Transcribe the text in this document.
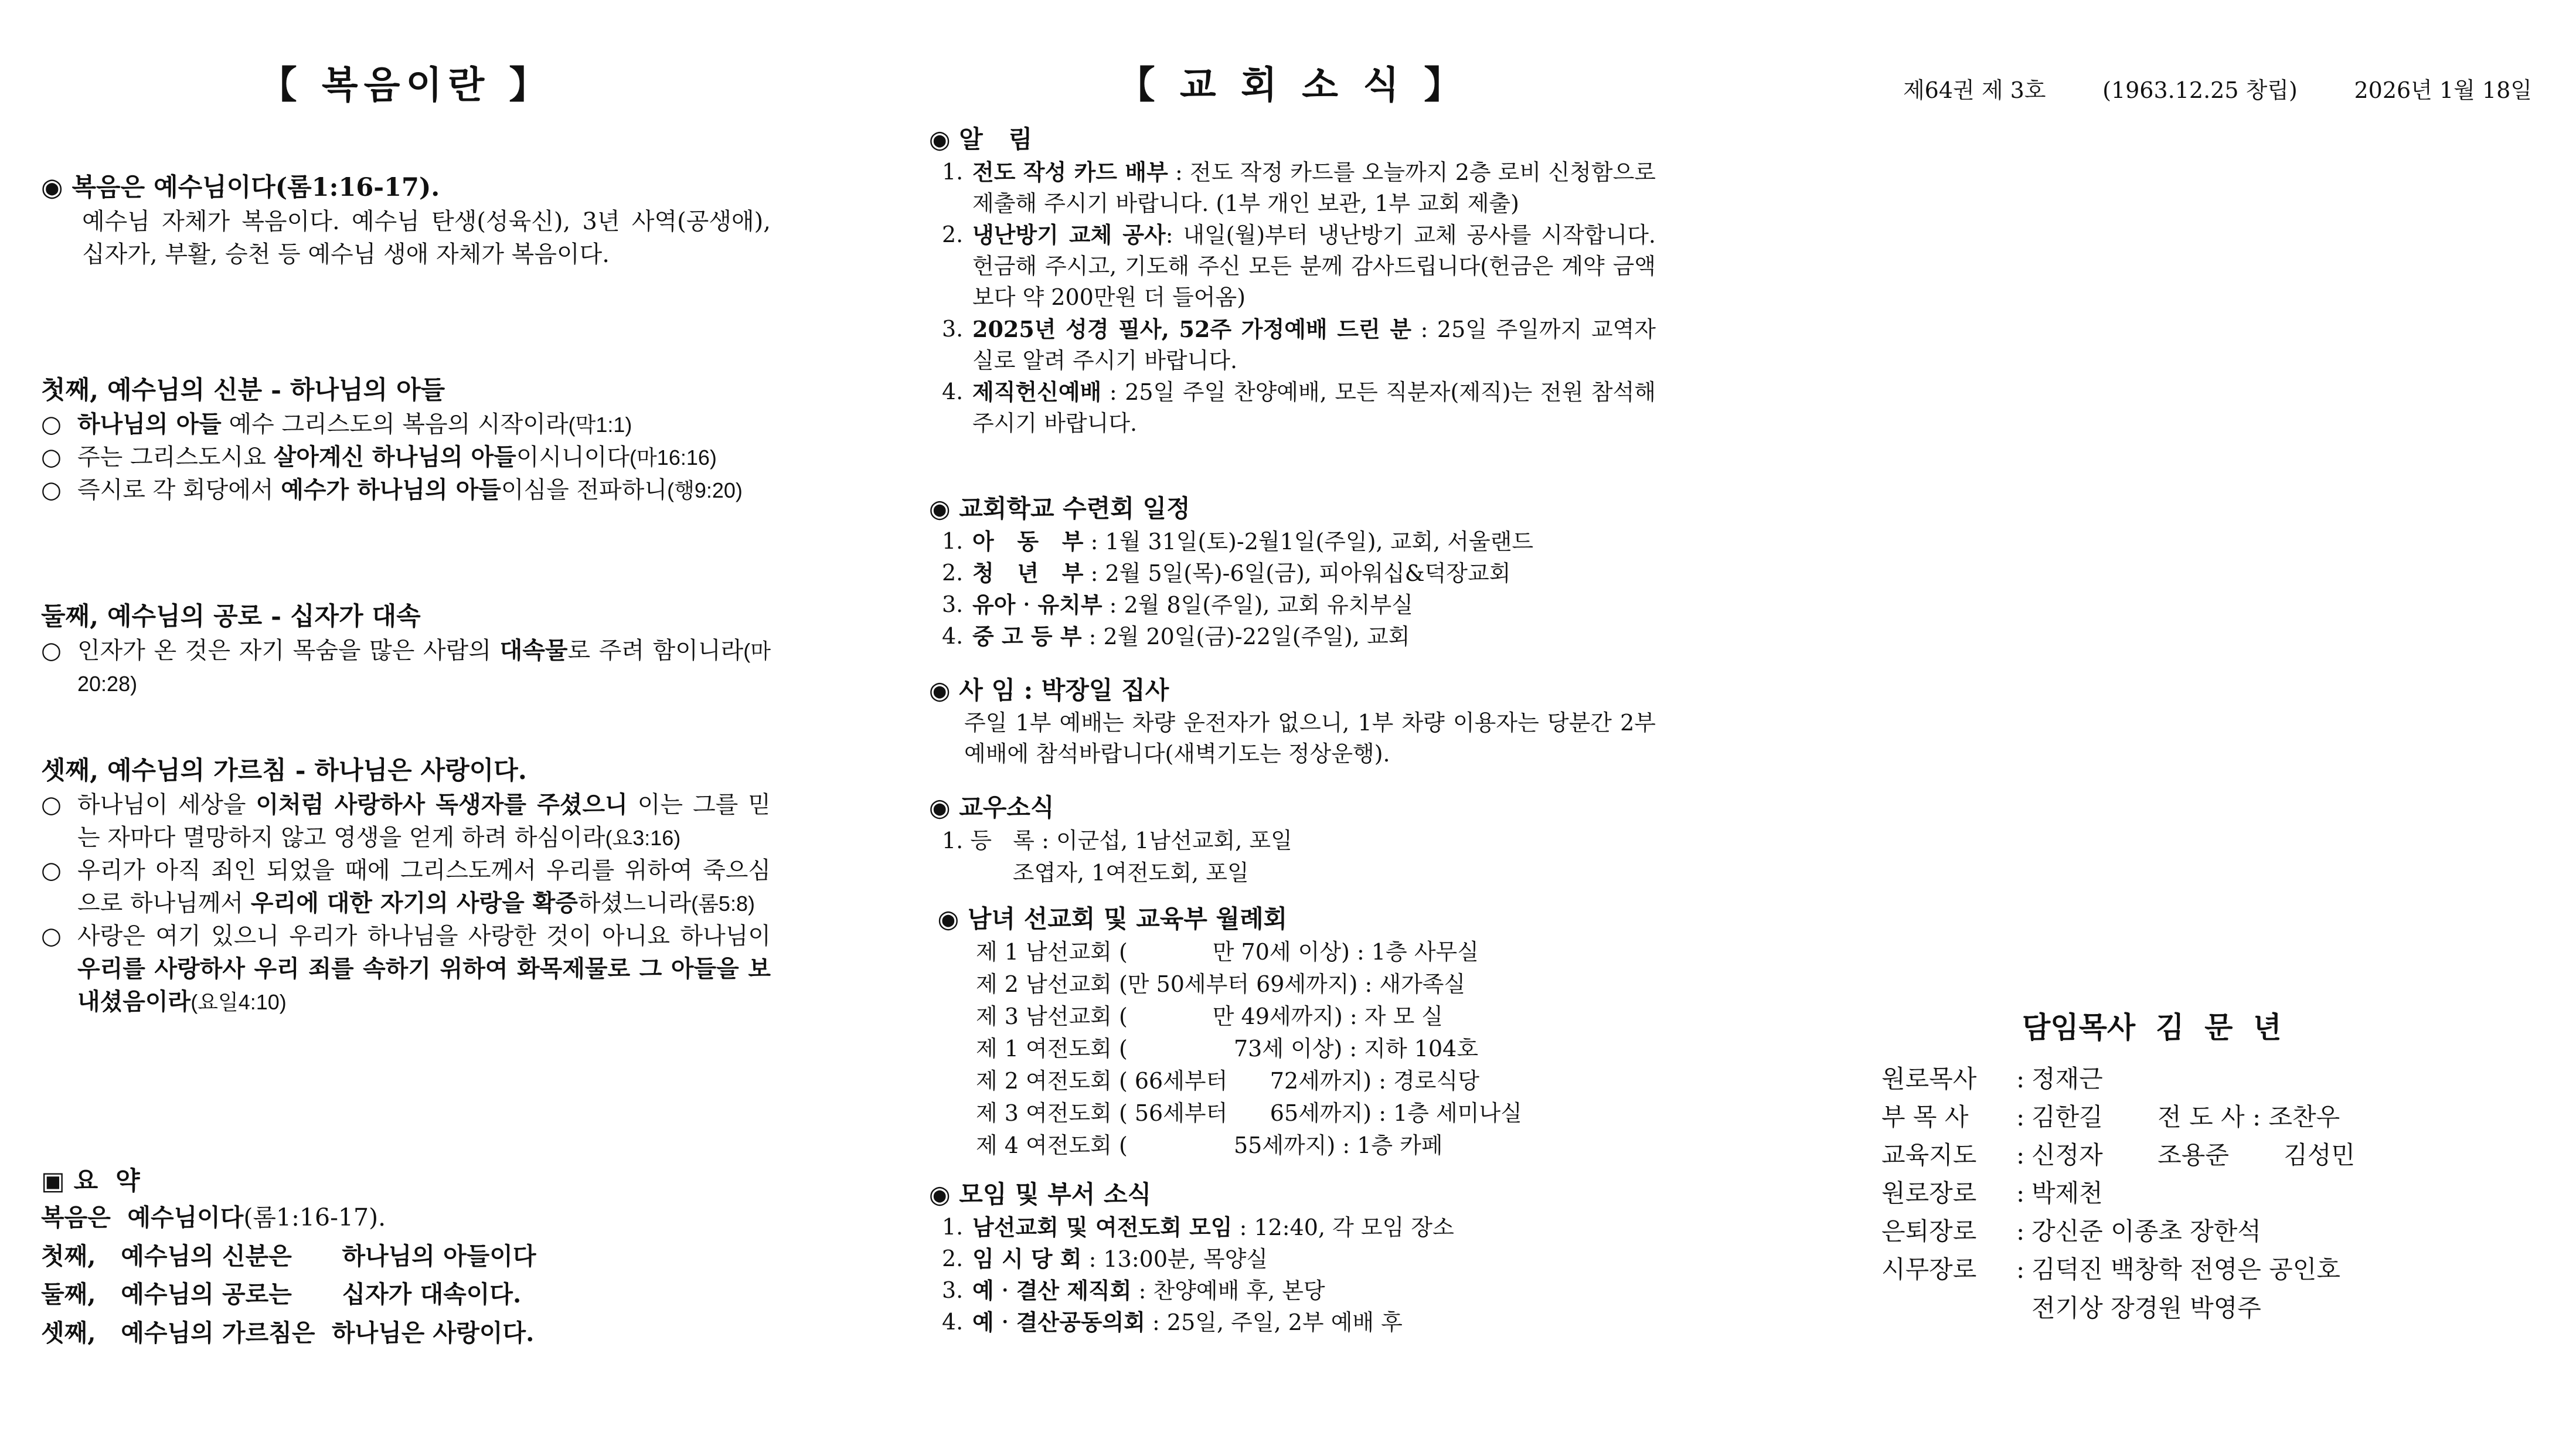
【 복음이란 】
◉ 복음은 예수님이다(롬1:16-17).
예수님 자체가 복음이다. 예수님 탄생(성육신), 3년 사역(공생애), 십자가, 부활, 승천 등 예수님 생애 자체가 복음이다.
첫째, 예수님의 신분 - 하나님의 아들
○ 하나님의 아들 예수 그리스도의 복음의 시작이라(막1:1)
○ 주는 그리스도시요 살아계신 하나님의 아들이시니이다(마16:16)
○ 즉시로 각 회당에서 예수가 하나님의 아들이심을 전파하니(행9:20)
둘째, 예수님의 공로 - 십자가 대속
○ 인자가 온 것은 자기 목숨을 많은 사람의 대속물로 주려 함이니라(마20:28)
셋째, 예수님의 가르침 - 하나님은 사랑이다.
○ 하나님이 세상을 이처럼 사랑하사 독생자를 주셨으니 이는 그를 믿는 자마다 멸망하지 않고 영생을 얻게 하려 하심이라(요3:16)
○ 우리가 아직 죄인 되었을 때에 그리스도께서 우리를 위하여 죽으심으로 하나님께서 우리에 대한 자기의 사랑을 확증하셨느니라(롬5:8)
○ 사랑은 여기 있으니 우리가 하나님을 사랑한 것이 아니요 하나님이 우리를 사랑하사 우리 죄를 속하기 위하여 화목제물로 그 아들을 보내셨음이라(요일4:10)
▣ 요  약
복음은  예수님이다(롬1:16-17).
첫째,   예수님의 신분은      하나님의 아들이다
둘째,   예수님의 공로는      십자가 대속이다.
셋째,   예수님의 가르침은  하나님은 사랑이다.
【 교 회 소 식 】
◉ 알   림
1. 전도 작성 카드 배부 : 전도 작정 카드를 오늘까지 2층 로비 신청함으로 제출해 주시기 바랍니다. (1부 개인 보관, 1부 교회 제출)
2. 냉난방기 교체 공사: 내일(월)부터 냉난방기 교체 공사를 시작합니다. 헌금해 주시고, 기도해 주신 모든 분께 감사드립니다(헌금은 계약 금액보다 약 200만원 더 들어옴)
3. 2025년 성경 필사, 52주 가정예배 드린 분 : 25일 주일까지 교역자실로 알려 주시기 바랍니다.
4. 제직헌신예배 : 25일 주일 찬양예배, 모든 직분자(제직)는 전원 참석해 주시기 바랍니다.
◉ 교회학교 수련회 일정
1. 아   동   부 : 1월 31일(토)-2월1일(주일), 교회, 서울랜드
2. 청   년   부 : 2월 5일(목)-6일(금), 피아워십&덕장교회
3. 유아‧유치부 : 2월 8일(주일), 교회 유치부실
4. 중 고 등 부 : 2월 20일(금)-22일(주일), 교회
◉ 사 임 : 박장일 집사
주일 1부 예배는 차량 운전자가 없으니, 1부 차량 이용자는 당분간 2부 예배에 참석바랍니다(새벽기도는 정상운행).
◉ 교우소식
1. 등   록 : 이군섭, 1남선교회, 포일
조엽자, 1여전도회, 포일
◉ 남녀 선교회 및 교육부 월례회
제 1 남선교회 (            만 70세 이상) : 1층 사무실
제 2 남선교회 (만 50세부터 69세까지) : 새가족실
제 3 남선교회 (            만 49세까지) : 자 모 실
제 1 여전도회 (               73세 이상) : 지하 104호
제 2 여전도회 ( 66세부터      72세까지) : 경로식당
제 3 여전도회 ( 56세부터      65세까지) : 1층 세미나실
제 4 여전도회 (               55세까지) : 1층 카페
◉ 모임 및 부서 소식
1. 남선교회 및 여전도회 모임 : 12:40, 각 모임 장소
2. 임 시 당 회 : 13:00분, 목양실
3. 예‧결산 제직회 : 찬양예배 후, 본당
4. 예‧결산공동의회 : 25일, 주일, 2부 예배 후
제64권 제 3호        (1963.12.25 창립)        2026년 1월 18일
담임목사  김  문  년
원로목사	: 정재근
부 목 사	: 김한길       전 도 사 : 조찬우
교육지도	: 신정자       조용준       김성민
원로장로	: 박제천
은퇴장로	: 강신준 이종초 장한석
시무장로	: 김덕진 백창학 전영은 공인호
전기상 장경원 박영주
